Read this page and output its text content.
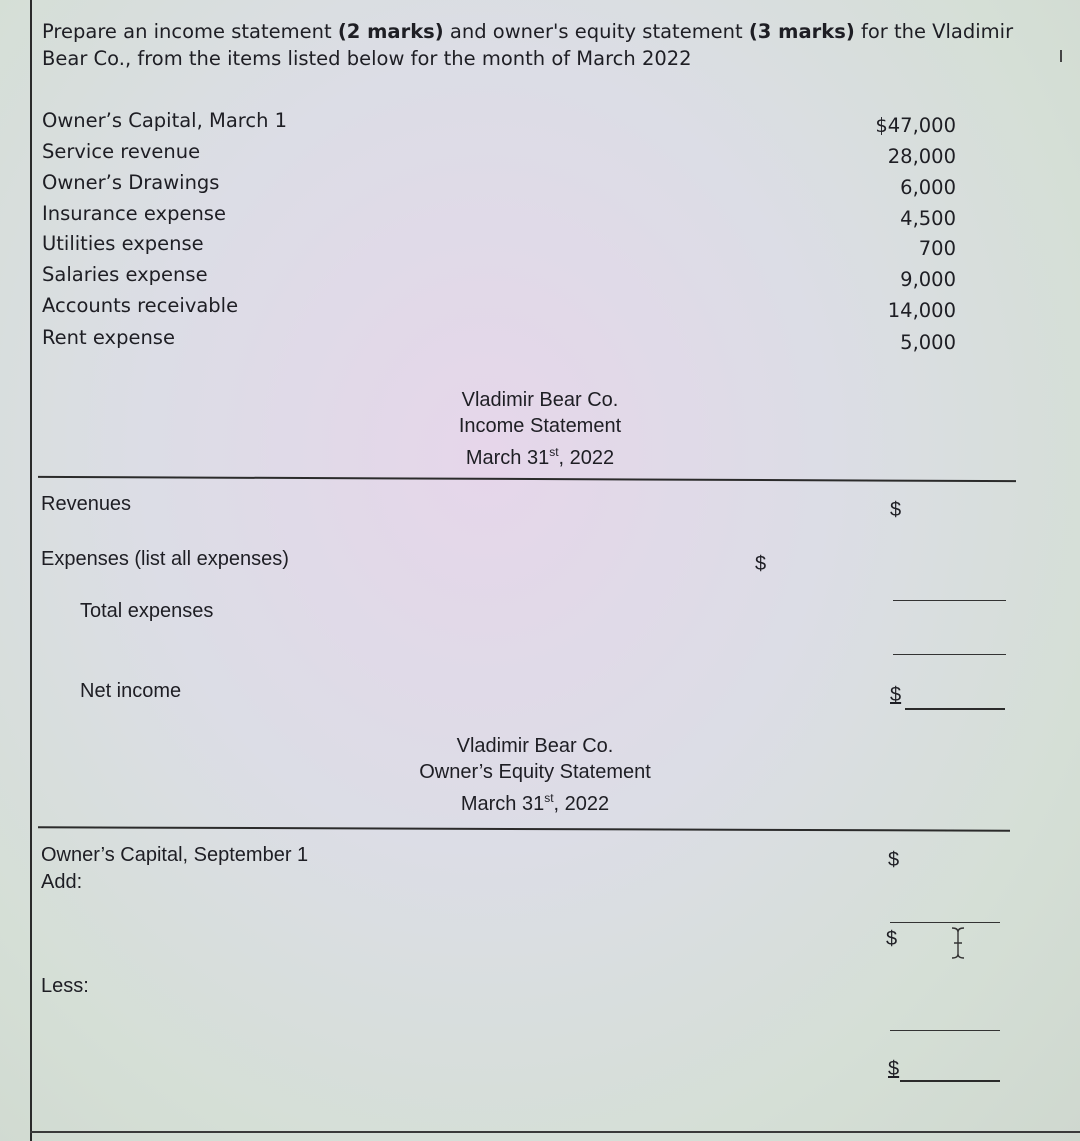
Prepare an income statement (2 marks) and owner's equity statement (3 marks) for the Vladimir Bear Co., from the items listed below for the month of March 2022
Owner’s Capital, March 1	$47,000
Service revenue	28,000
Owner’s Drawings	6,000
Insurance expense	4,500
Utilities expense	700
Salaries expense	9,000
Accounts receivable	14,000
Rent expense	5,000
Vladimir Bear Co.
Income Statement
March 31st, 2022
Revenues	$
Expenses (list all expenses)	$
Total expenses
Net income	$
Vladimir Bear Co.
Owner’s Equity Statement
March 31st, 2022
Owner’s Capital, September 1	$
Add:
$
Less:
$
